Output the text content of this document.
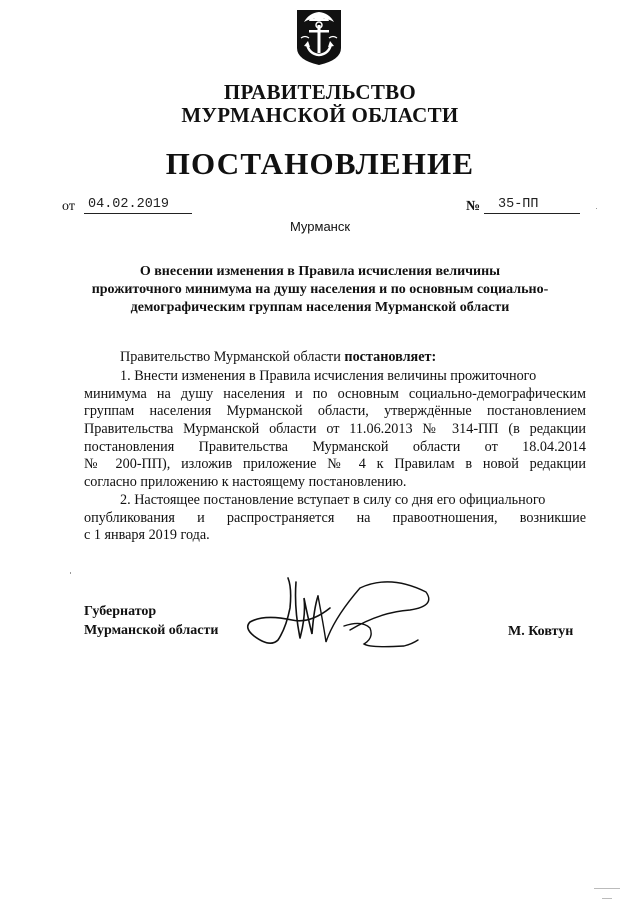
ПРАВИТЕЛЬСТВО
МУРМАНСКОЙ ОБЛАСТИ
ПОСТАНОВЛЕНИЕ
от 04.02.2019	№	35-ПП
Мурманск
О внесении изменения в Правила исчисления величины
прожиточного минимума на душу населения и по основным социально-
демографическим группам населения Мурманской области
Правительство Мурманской области постановляет:
1. Внести изменения в Правила исчисления величины прожиточного
минимума на душу населения и по основным социально-демографическим
группам населения Мурманской области, утверждённые постановлением
Правительства Мурманской области от 11.06.2013 № 314-ПП (в редакции
постановления Правительства Мурманской области от 18.04.2014
№ 200-ПП), изложив приложение № 4 к Правилам в новой редакции
согласно приложению к настоящему постановлению.
2. Настоящее постановление вступает в силу со дня его официального
опубликования и распространяется на правоотношения, возникшие
с 1 января 2019 года.
Губернатор
Мурманской области	М. Ковтун
